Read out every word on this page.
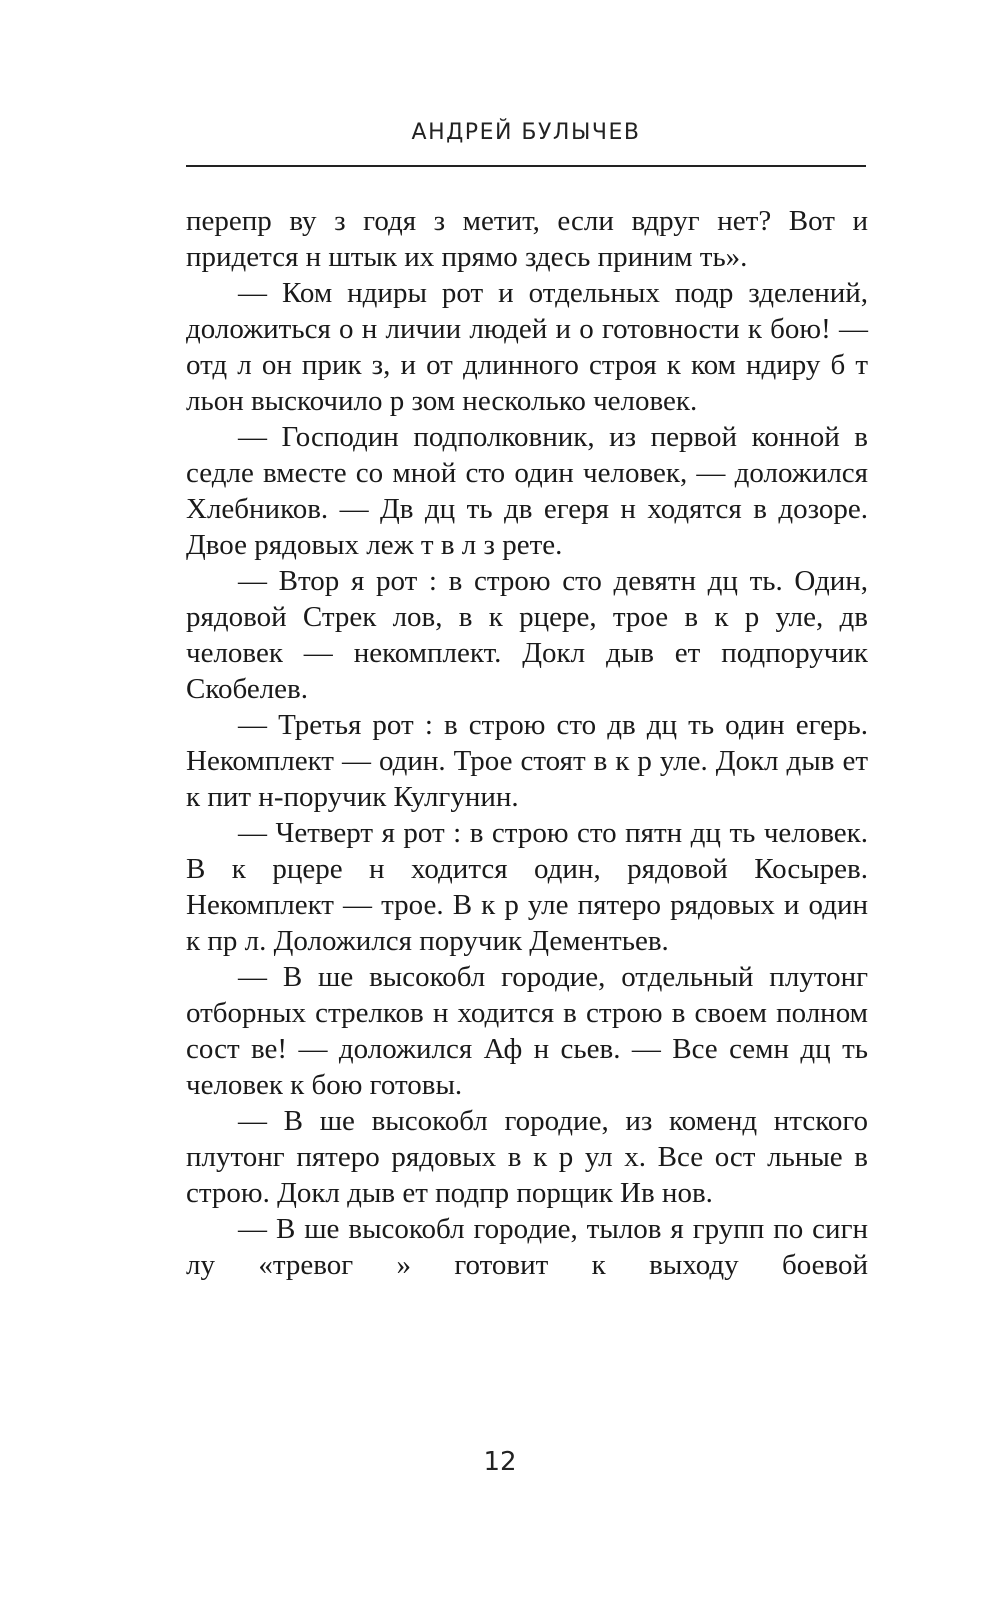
АНДРЕЙ БУЛЫЧЕВ

перепр ву з годя з метит, если вдруг нет? Вот и придется н штык их прямо здесь приним ть».

— Ком ндиры рот и отдельных подр зделений, доложиться о н личии людей и о готовности к бою! — отд л он прик з, и от длинного строя к ком ндиру б т льон выскочило р зом несколько человек.

— Господин подполковник, из первой конной в седле вместе со мной сто один человек, — доложился Хлебников. — Дв дц ть дв егеря н ходятся в дозоре. Двое рядовых леж т в л з рете.

— Втор я рот : в строю сто девятн дц ть. Один, рядовой Стрек лов, в к рцере, трое в к р уле, дв человек — некомплект. Докл дыв ет подпоручик Скобелев.

— Третья рот : в строю сто дв дц ть один егерь. Некомплект — один. Трое стоят в к р уле. Докл дыв ет к пит н-поручик Кулгунин.

— Четверт я рот : в строю сто пятн дц ть человек. В к рцере н ходится один, рядовой Косырев. Некомплект — трое. В к р уле пятеро рядовых и один к пр л. Доложился поручик Дементьев.

— В ше высокобл городие, отдельный плутонг отборных стрелков н ходится в строю в своем полном сост ве! — доложился Аф н сьев. — Все семн дц ть человек к бою готовы.

— В ше высокобл городие, из коменд нтского плутонг пятеро рядовых в к р ул х. Все ост льные в строю. Докл дыв ет подпр порщик Ив нов.

— В ше высокобл городие, тылов я групп по сигн лу «тревог » готовит к выходу боевой

12
